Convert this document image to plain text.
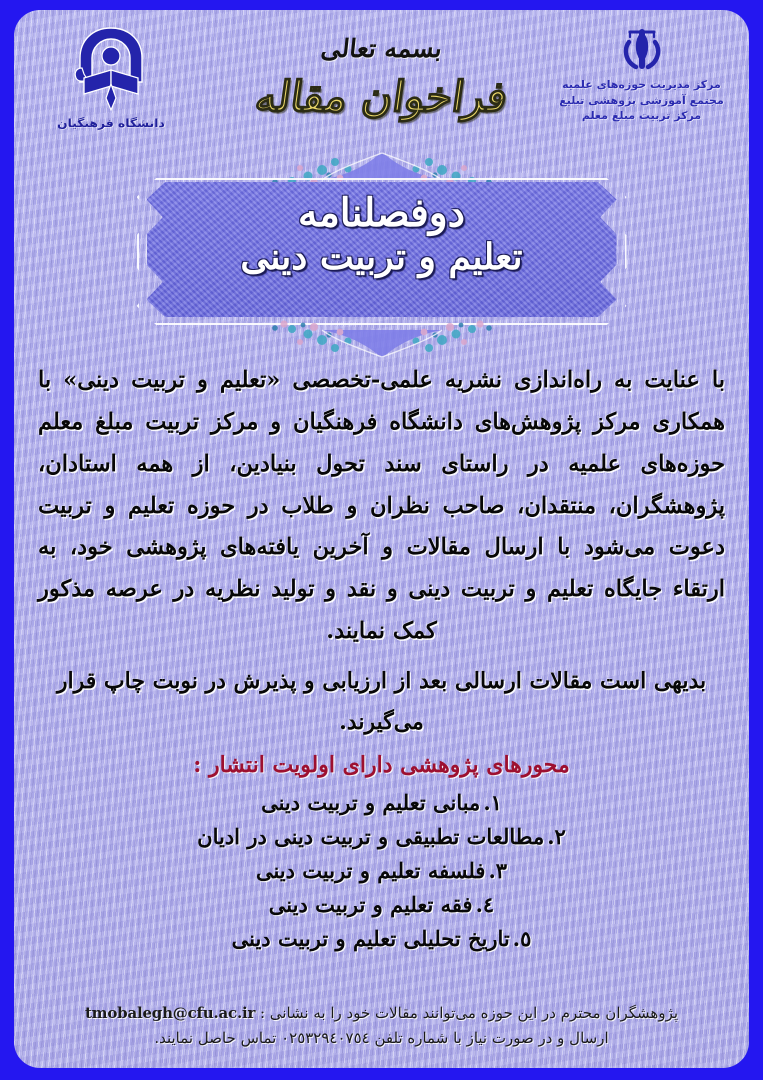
دانشگاه فرهنگیان
بسمه تعالی
فراخوان مقاله	مرکز مدیریت حوزه‌های علمیه
مجتمع آموزشی پژوهشی تبلیغ
مرکز تربیت مبلغ معلم
دوفصلنامه
تعلیم و تربیت دینی

با عنایت به راه‌اندازی نشریه علمی-تخصصی «تعلیم و تربیت دینی» با همکاری مرکز پژوهش‌های دانشگاه فرهنگیان و مرکز تربیت مبلغ معلم حوزه‌های علمیه در راستای سند تحول بنیادین، از همه استادان، پژوهشگران، منتقدان، صاحب نظران و طلاب در حوزه تعلیم و تربیت دعوت می‌شود با ارسال مقالات و آخرین یافته‌های پژوهشی خود، به ارتقاء جایگاه تعلیم و تربیت دینی و نقد و تولید نظریه در عرصه مذکور کمک نمایند.

بدیهی است مقالات ارسالی بعد از ارزیابی و پذیرش در نوبت چاپ قرار می‌گیرند.

محورهای پژوهشی دارای اولویت انتشار :
۱.مبانی تعلیم و تربیت دینی
۲.مطالعات تطبیقی و تربیت دینی در ادیان
۳.فلسفه تعلیم و تربیت دینی
٤.فقه تعلیم و تربیت دینی
٥.تاریخ تحلیلی تعلیم و تربیت دینی
پژوهشگران محترم در این حوزه می‌توانند مقالات خود را به نشانی : tmobalegh@cfu.ac.ir
ارسال و در صورت نیاز با شماره تلفن ٠٢٥٣٢٩٤٠٧٥٤ تماس حاصل نمایند.
